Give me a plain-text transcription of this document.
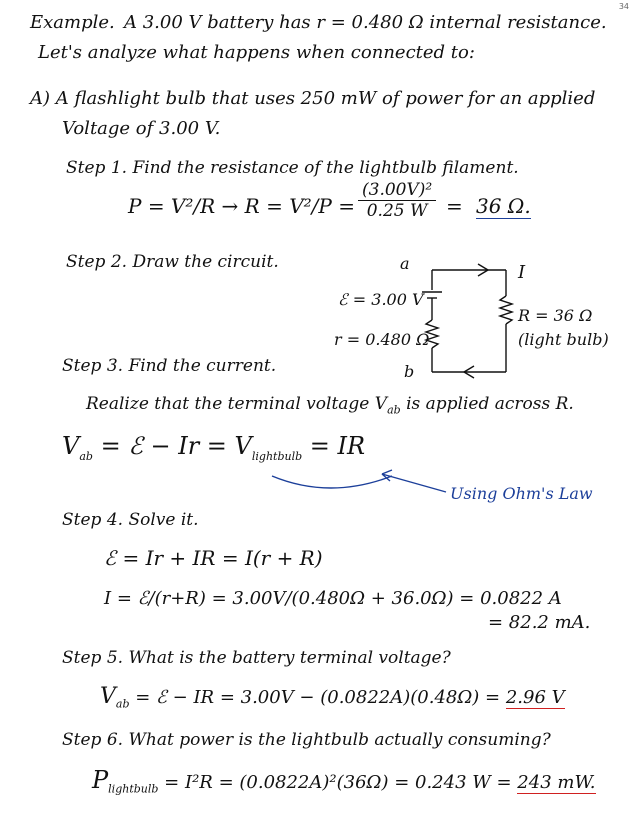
34
Example. A 3.00 V battery has r = 0.480 Ω internal resistance.
Let's analyze what happens when connected to:
A) A flashlight bulb that uses 250 mW of power for an applied
Voltage of 3.00 V.
Step 1. Find the resistance of the lightbulb filament.
$P = V^2/R \to R = V^2/P = \frac{\text{(3.00V)²}}{0.25 W} = 36$ Ω.
Step 2. Draw the circuit.	a
b
ℰ = 3.00 V
r = 0.480 Ω
I
R = 36 Ω
(light bulb)
Step 3. Find the current.
Realize that the terminal voltage $V_{ab}$ is applied across R.
$V_{ab}$ = ℰ − $Ir = V_{lightbulb}$ = IR
Using Ohm's Law
Step 4. Solve it.
ℰ = Ir + IR = I(r + R)
I = ℰ/(r+R) = 3.00V/(0.480Ω + 36.0Ω) = 0.0822 A
= 82.2 mA.
Step 5. What is the battery terminal voltage?
$V_{ab}$ = ℰ − IR = 3.00V − (0.0822A)(0.48Ω) = 2.96 V
Step 6. What power is the lightbulb actually consuming?
$P_{lightbulb} = I^2R = (0.0822A)^2(36\Omega) = 0.243$ W = 243 mW.
